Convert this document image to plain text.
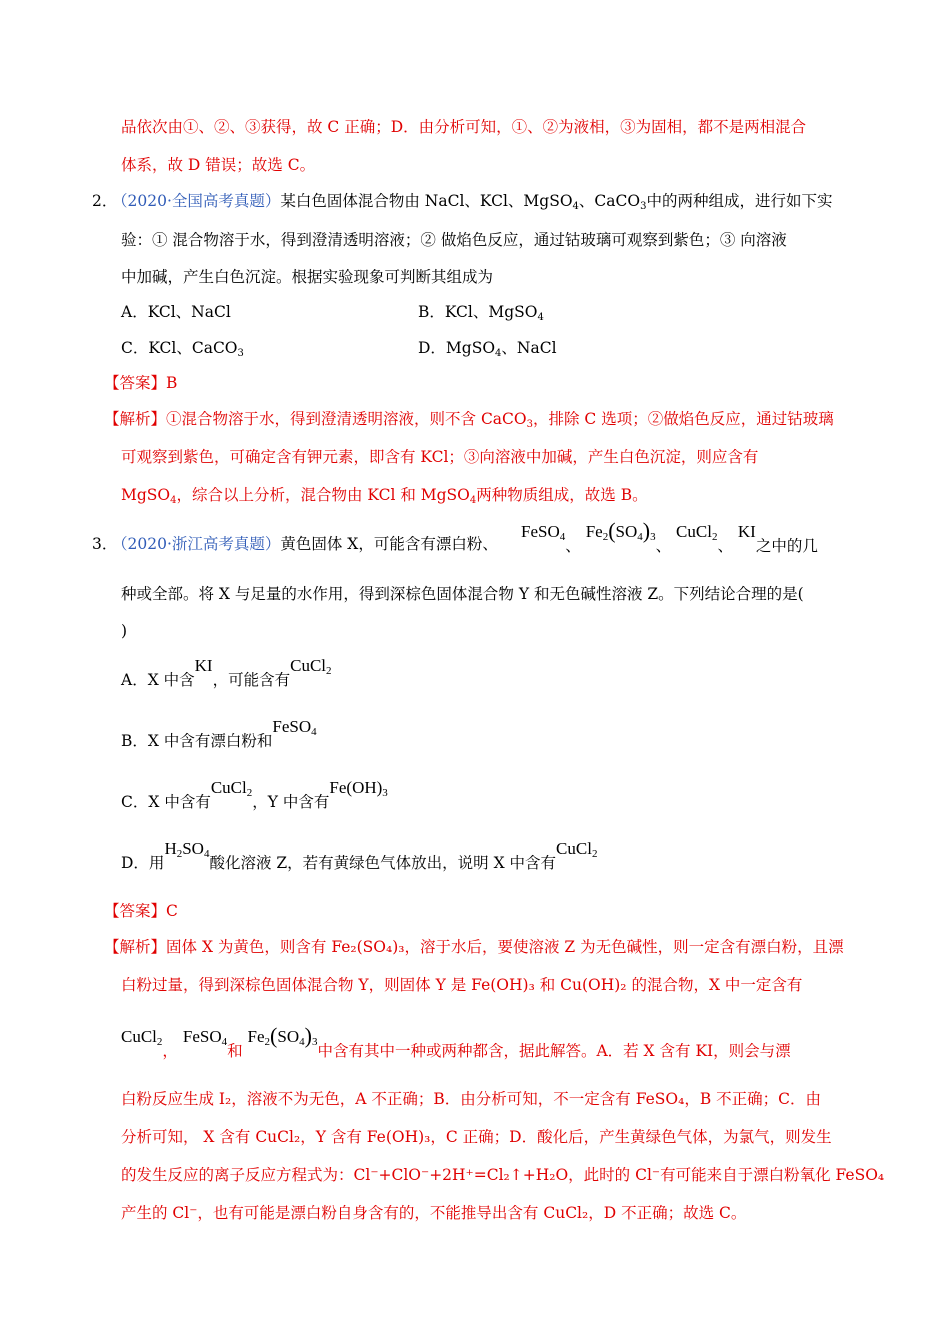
品依次由①、②、③获得，故 C 正确；D．由分析可知，①、②为液相，③为固相，都不是两相混合
体系，故 D 错误；故选 C。
2．
（2020·全国高考真题）某白色固体混合物由 NaCl、KCl、MgSO$_4$、CaCO$_3$中的两种组成，进行如下实
验：① 混合物溶于水，得到澄清透明溶液；② 做焰色反应，通过钴玻璃可观察到紫色；③ 向溶液
中加碱，产生白色沉淀。根据实验现象可判断其组成为
A．KCl、NaCl	B．KCl、MgSO$_4$
C．KCl、CaCO$_3$	D．MgSO$_4$、NaCl
【答案】B
【解析】①混合物溶于水，得到澄清透明溶液，则不含 CaCO$_3$，排除 C 选项；②做焰色反应，通过钴玻璃
可观察到紫色，可确定含有钾元素，即含有 KCl；③向溶液中加碱，产生白色沉淀，则应含有
MgSO$_4$，综合以上分析，混合物由 KCl 和 MgSO$_4$两种物质组成，故选 B。
3．
（2020·浙江高考真题）黄色固体 X，可能含有漂白粉、
FeSO$_4$、 $Fe_2(SO_4)_3$、 CuCl$_2$、 KI之中的几
种或全部。将 X 与足量的水作用，得到深棕色固体混合物 Y 和无色碱性溶液 Z。下列结论合理的是(
)
A．X 中含KI，可能含有CuCl$_2$
B．X 中含有漂白粉和FeSO$_4$
C．X 中含有CuCl$_2$，Y 中含有$Fe(OH)_3$
D．用$H_2SO_4$酸化溶液 Z，若有黄绿色气体放出，说明 X 中含有CuCl$_2$
【答案】C
【解析】固体 X 为黄色，则含有 Fe₂(SO₄)₃，溶于水后，要使溶液 Z 为无色碱性，则一定含有漂白粉，且漂
白粉过量，得到深棕色固体混合物 Y，则固体 Y 是 Fe(OH)₃ 和 Cu(OH)₂ 的混合物，X 中一定含有
CuCl$_2$， FeSO$_4$和 $Fe_2(SO_4)_3$中含有其中一种或两种都含，据此解答。A．若 X 含有 KI，则会与漂
白粉反应生成 I₂，溶液不为无色，A 不正确；B．由分析可知，不一定含有 FeSO₄，B 不正确；C．由
分析可知， X 含有 CuCl₂，Y 含有 Fe(OH)₃，C 正确；D．酸化后，产生黄绿色气体，为氯气，则发生
的发生反应的离子反应方程式为：Cl⁻+ClO⁻+2H⁺=Cl₂↑+H₂O，此时的 Cl⁻有可能来自于漂白粉氧化 FeSO₄
产生的 Cl⁻，也有可能是漂白粉自身含有的，不能推导出含有 CuCl₂，D 不正确；故选 C。
